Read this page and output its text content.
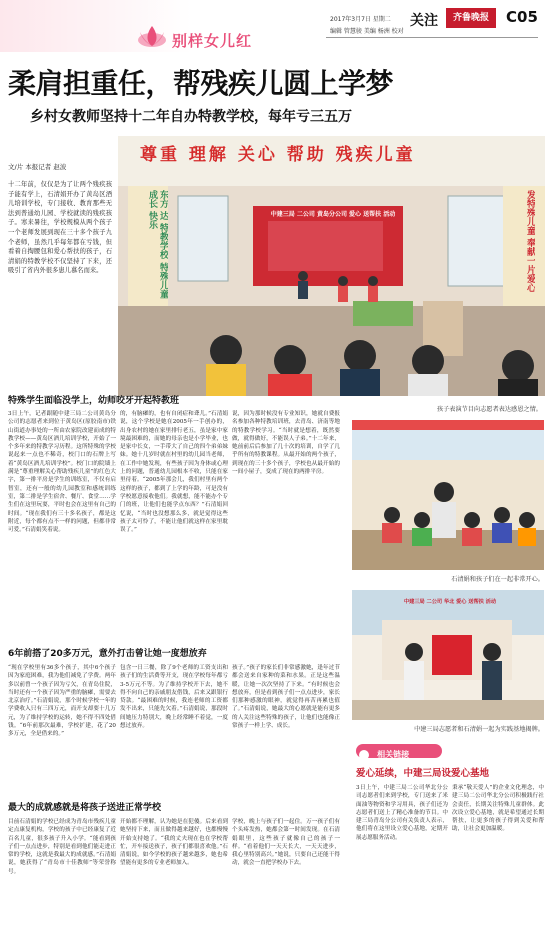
别样女儿红
2017年3月7日 星期二
编辑 管慧骏 美编 杨洲 校对
关注	齐鲁晚报	C05
柔肩担重任，帮残疾儿圆上学梦
乡村女教师坚持十二年自办特教学校，每年亏三五万
文/片 本报记者 赵波
十二年前，仅仅是为了让两个残疾孩子能有学上，石清娟开办了黄岛区酒儿培训学校，专门接收、教育那些无法到普通幼儿园、学校就读的残疾孩子。寒来暑往，学校规模从两个孩子一个老师发展到现在三十多个孩子九个老师，虽然几乎每年都在亏钱，但看着自掏腰包和爱心帮扶的孩子，石清娟的特教学校不仅坚持了下来，还吸引了省内外很多患儿慕名而来。
尊重 理解 关心 帮助 残疾儿童
东方 达 特教学校 特殊儿童 成长 快乐	发特殊儿童 奉献一片爱心
中建三局 二公司 黄岛分公司 爱心 送帮扶 活动
孩子表演节目向志愿者表达感恩之情。
特殊学生面临没学上，幼师咬牙开起特教班
3日上午，记者跟随中建三局二公司黄岛分公司的志愿者来到位于黄岛区(原胶南市)铁山街道办事处的一所由农家院改建而成的特教学校——黄岛区酒儿培训学校，开始了一个多年来的特教学习历程。这所特殊的学校说起来一点也不稀奇，校门口的石牌上写着“黄岛区酒儿培训学校”。校门口的院墙上满是“尊重理解关心帮助残疾儿童”的红色大字，第一排平房是学生的训练室，不仅有启智室，还有一般的幼儿园教室和感统训练室，第二排是学生宿舍、餐厅、食堂……学生们在这里玩耍，平时也会在这里有自己的时间。“现在我们有三十多名孩子，都是这附近，每个都有点不一样的问题，但都非常可爱。”石清娟笑着说。
的，有脑瘫的，也有自闭症和聋儿。”石清娟说，这个学校是她在2005年一手创办的，出身农村的她在家里排行老五，虽是家中家境最困难的，而她的母亲也是小学毕业，也是家中长女，一手带大了自己的四个弟弟妹妹。她十几岁时就在村里的幼儿园当老师，在工作中她发现，有些孩子因为身体或心理上的问题，普通幼儿园根本不收，只能在家里待着。“2005年那会儿，我们村里有两个这样的孩子，都到了上学的年龄，可是没有学校愿意接收他们。我就想，能不能办个专门的班，让他们也能学点东西？”石清娟回忆说，“当时也没想那么多，就是觉得这些孩子太可怜了，不能让他们就这样在家里耽误了。”
说，因为那时候没有专业知识，她就自费报名参加各种特教培训班，去青岛、济南等地的特教学校学习。“当时就是想着，既然要做，就得做好，不能误人子弟。”十二年来，她前前后后参加了几十次的培训，自学了几乎所有的特教课程。从最开始的两个孩子，到现在的三十多个孩子，学校也从最开始的一间小屋子，变成了现在的两排平房。
石清娟和孩子们在一起非常开心。
中建三局 二公司 华北 爱心 送帮扶 活动
中建三局志愿者和石清娟一起为实践基地揭牌。
6年前搭了20多万元，意外打击曾让她一度想放弃
“现在学校里有36多个孩子，其中6个孩子因为家庭困难，我为他们减免了学费。两年多以前曾一个孩子因为亏欠，在青岛住院，当时还有一个孩子因为严重的脑瘫，需要去北京治疗。”石清娟说，那个时候学校一年的学费收入只有三四万元，而开支却要十几万元，为了维持学校的运转，她不得不四处借钱。“6年前那次最难，学校扩建，花了20多万元，全是借来的。”
包含一日三餐，除了9个老师的工资支出和孩子们的生活费等开支，现在学校每年都亏3-5万元不等。为了维持学校开下去，她不得不向自己的亲戚朋友借钱，后来又跟银行贷款。“最困难的时候，我连老师的工资都发不出来，只能先欠着。”石清娟说，那段时间她压力特别大，晚上经常睡不着觉，一度想过放弃。
孩子。”孩子的家长们非常感激她，逢年过节都会送来自家种的菜和水果。正是这些温暖，让她一次次坚持了下来。“有时候也会想放弃，但是看到孩子们一点点进步，家长们那种感激的眼神，就觉得再苦再累也值了。”石清娟说，她最大的心愿就是能有更多的人关注这些特殊的孩子，让他们也能像正常孩子一样上学、成长。
最大的成就感就是将孩子送进正常学校
目前石清娟的学校已经成为青岛市残疾儿童定点康复机构，学校的孩子中已经康复了近百名儿童，很多孩子升入小学。“能看到孩子们一点点进步，特别是看到他们能走进正常的学校，这就是我最大的成就感。”石清娟说，她获得了“青岛市十佳教师”等荣誉称号。
开始都不理解，认为她是在犯傻。后来看到她坚持下来，而且做得越来越好，也都慢慢开始支持她了。“我的丈夫现在也在学校帮忙，开车接送孩子，孩子们都很喜欢他。”石清娟说，如今学校的孩子越来越多，她也希望能有更多的专业老师加入。
学校，晚上与孩子们一起住。万一孩子们有个头疼发热，她都会第一时间发现。在石清娟眼里，这些孩子就像自己的孩子一样。“看着他们一天天长大，一天天进步，我心里特别高兴。”她说，只要自己还能干得动，就会一直把学校办下去。
相关链接
爱心延续，中建三局设爱心基地
3日上午，中建三局二公司华北分公司志愿者们来到学校，专门送来了米面油等物资和学习用具，孩子们还为志愿者们送上了精心准备的节目。中建三局青岛分公司有关负责人表示，他们将在这里设立爱心基地，定期开展志愿服务活动。
秉承“敬天爱人”的企业文化理念，中建三局二公司华北分公司积极践行社会责任，长期关注特殊儿童群体。此次设立爱心基地，就是希望通过长期帮扶，让更多的孩子得到关爱和帮助，让社会更加温暖。
